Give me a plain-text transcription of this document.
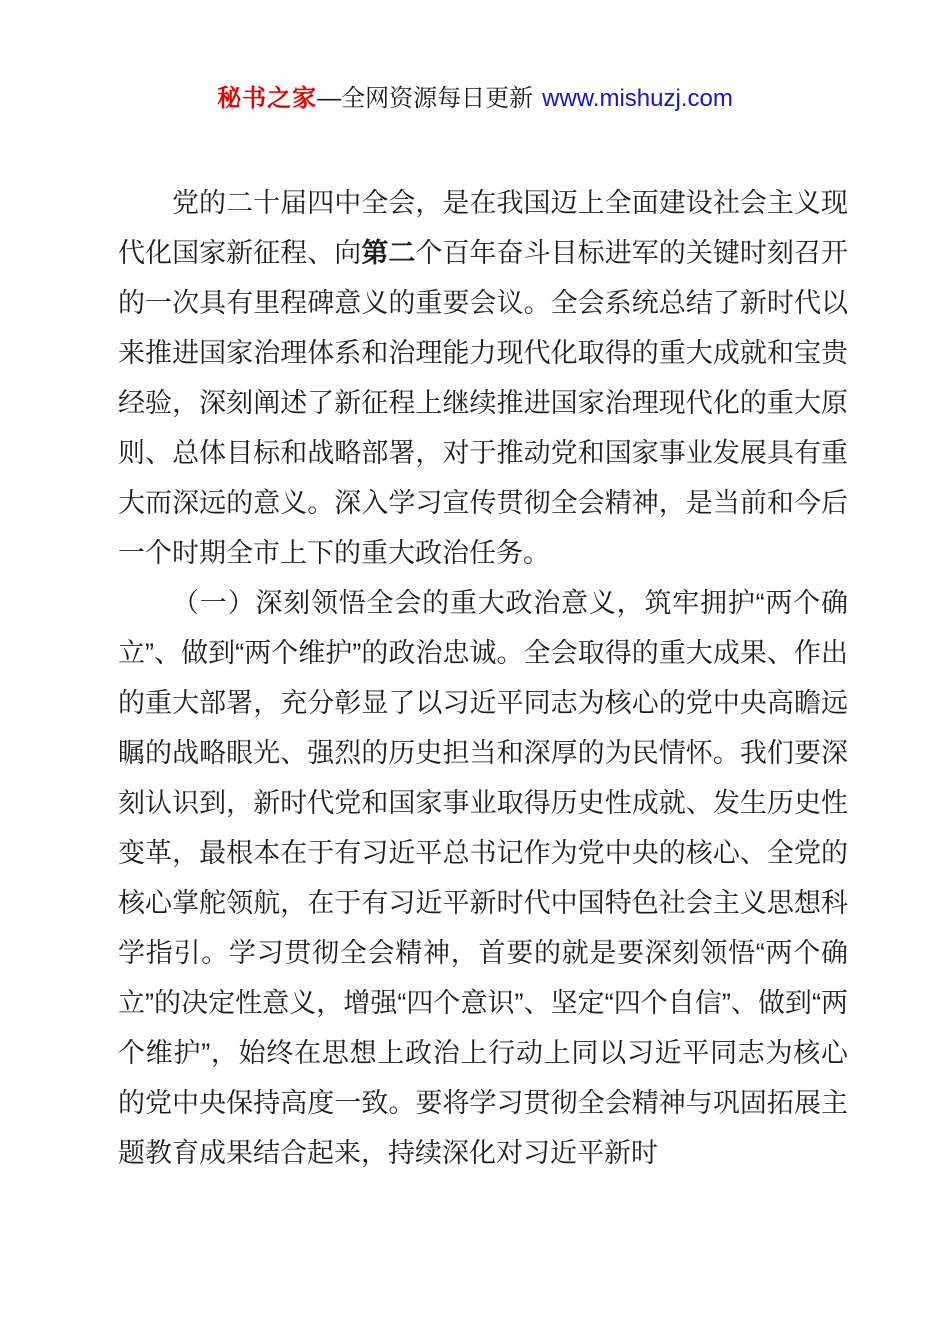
秘书之家—全网资源每日更新 www.mishuzj.com

党的二十届四中全会，是在我国迈上全面建设社会主义现代化国家新征程、向第二个百年奋斗目标进军的关键时刻召开的一次具有里程碑意义的重要会议。全会系统总结了新时代以来推进国家治理体系和治理能力现代化取得的重大成就和宝贵经验，深刻阐述了新征程上继续推进国家治理现代化的重大原则、总体目标和战略部署，对于推动党和国家事业发展具有重大而深远的意义。深入学习宣传贯彻全会精神，是当前和今后一个时期全市上下的重大政治任务。

（一）深刻领悟全会的重大政治意义，筑牢拥护“两个确立”、做到“两个维护”的政治忠诚。全会取得的重大成果、作出的重大部署，充分彰显了以习近平同志为核心的党中央高瞻远瞩的战略眼光、强烈的历史担当和深厚的为民情怀。我们要深刻认识到，新时代党和国家事业取得历史性成就、发生历史性变革，最根本在于有习近平总书记作为党中央的核心、全党的核心掌舵领航，在于有习近平新时代中国特色社会主义思想科学指引。学习贯彻全会精神，首要的就是要深刻领悟“两个确立”的决定性意义，增强“四个意识”、坚定“四个自信”、做到“两个维护”，始终在思想上政治上行动上同以习近平同志为核心的党中央保持高度一致。要将学习贯彻全会精神与巩固拓展主题教育成果结合起来，持续深化对习近平新时
